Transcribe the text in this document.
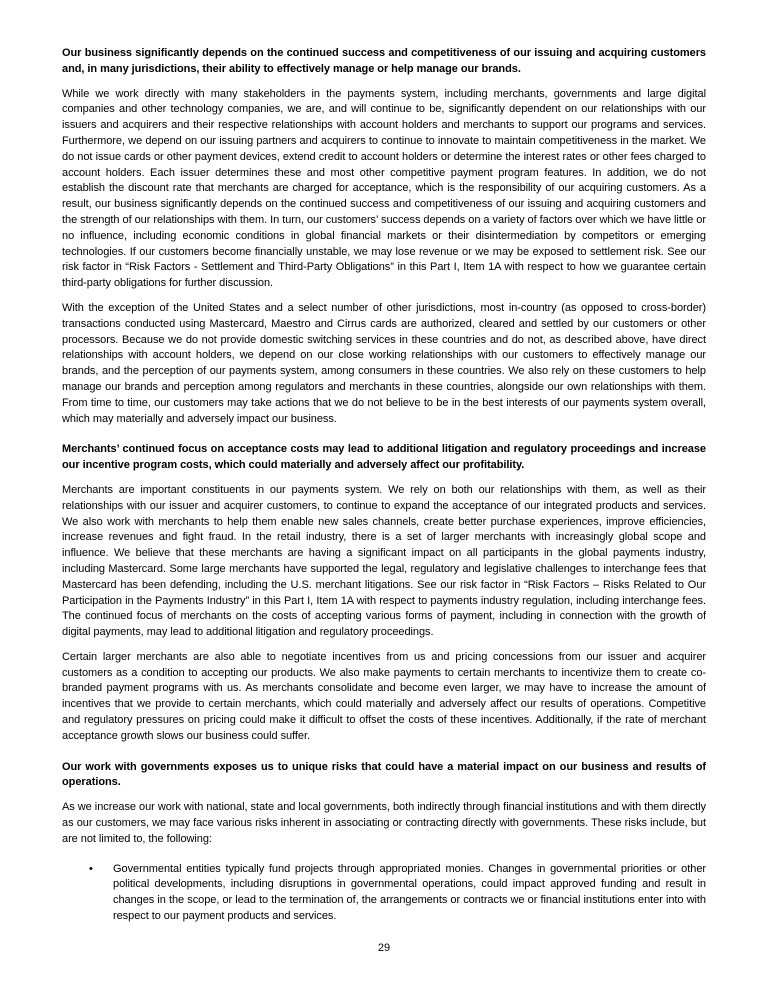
Our business significantly depends on the continued success and competitiveness of our issuing and acquiring customers and, in many jurisdictions, their ability to effectively manage or help manage our brands.

While we work directly with many stakeholders in the payments system, including merchants, governments and large digital companies and other technology companies, we are, and will continue to be, significantly dependent on our relationships with our issuers and acquirers and their respective relationships with account holders and merchants to support our programs and services. Furthermore, we depend on our issuing partners and acquirers to continue to innovate to maintain competitiveness in the market. We do not issue cards or other payment devices, extend credit to account holders or determine the interest rates or other fees charged to account holders. Each issuer determines these and most other competitive payment program features. In addition, we do not establish the discount rate that merchants are charged for acceptance, which is the responsibility of our acquiring customers. As a result, our business significantly depends on the continued success and competitiveness of our issuing and acquiring customers and the strength of our relationships with them. In turn, our customers’ success depends on a variety of factors over which we have little or no influence, including economic conditions in global financial markets or their disintermediation by competitors or emerging technologies. If our customers become financially unstable, we may lose revenue or we may be exposed to settlement risk. See our risk factor in “Risk Factors - Settlement and Third-Party Obligations” in this Part I, Item 1A with respect to how we guarantee certain third-party obligations for further discussion.

With the exception of the United States and a select number of other jurisdictions, most in-country (as opposed to cross-border) transactions conducted using Mastercard, Maestro and Cirrus cards are authorized, cleared and settled by our customers or other processors. Because we do not provide domestic switching services in these countries and do not, as described above, have direct relationships with account holders, we depend on our close working relationships with our customers to effectively manage our brands, and the perception of our payments system, among consumers in these countries. We also rely on these customers to help manage our brands and perception among regulators and merchants in these countries, alongside our own relationships with them. From time to time, our customers may take actions that we do not believe to be in the best interests of our payments system overall, which may materially and adversely impact our business.

Merchants’ continued focus on acceptance costs may lead to additional litigation and regulatory proceedings and increase our incentive program costs, which could materially and adversely affect our profitability.

Merchants are important constituents in our payments system. We rely on both our relationships with them, as well as their relationships with our issuer and acquirer customers, to continue to expand the acceptance of our integrated products and services. We also work with merchants to help them enable new sales channels, create better purchase experiences, improve efficiencies, increase revenues and fight fraud. In the retail industry, there is a set of larger merchants with increasingly global scope and influence. We believe that these merchants are having a significant impact on all participants in the global payments industry, including Mastercard. Some large merchants have supported the legal, regulatory and legislative challenges to interchange fees that Mastercard has been defending, including the U.S. merchant litigations. See our risk factor in “Risk Factors – Risks Related to Our Participation in the Payments Industry” in this Part I, Item 1A with respect to payments industry regulation, including interchange fees. The continued focus of merchants on the costs of accepting various forms of payment, including in connection with the growth of digital payments, may lead to additional litigation and regulatory proceedings.

Certain larger merchants are also able to negotiate incentives from us and pricing concessions from our issuer and acquirer customers as a condition to accepting our products. We also make payments to certain merchants to incentivize them to create co-branded payment programs with us. As merchants consolidate and become even larger, we may have to increase the amount of incentives that we provide to certain merchants, which could materially and adversely affect our results of operations. Competitive and regulatory pressures on pricing could make it difficult to offset the costs of these incentives. Additionally, if the rate of merchant acceptance growth slows our business could suffer.

Our work with governments exposes us to unique risks that could have a material impact on our business and results of operations.

As we increase our work with national, state and local governments, both indirectly through financial institutions and with them directly as our customers, we may face various risks inherent in associating or contracting directly with governments. These risks include, but are not limited to, the following:

•	Governmental entities typically fund projects through appropriated monies. Changes in governmental priorities or other political developments, including disruptions in governmental operations, could impact approved funding and result in changes in the scope, or lead to the termination of, the arrangements or contracts we or financial institutions enter into with respect to our payment products and services.

29
